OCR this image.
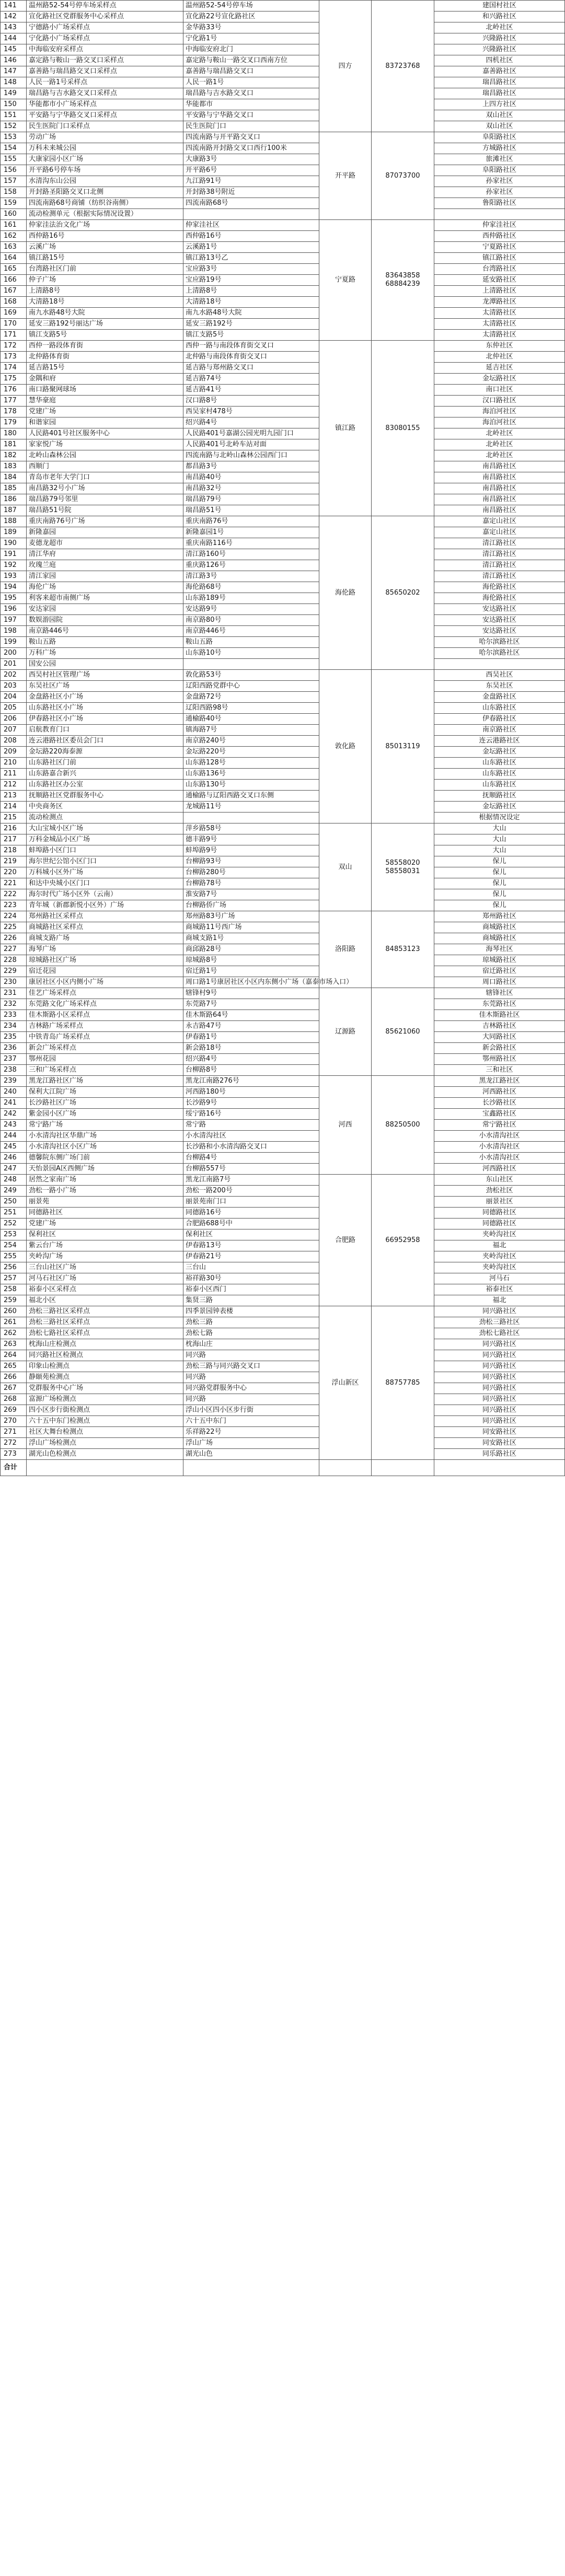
141	温州路52-54号停车场采样点	温州路52-54号停车场	四方	83723768	建国村社区
142	宣化路社区党群服务中心采样点	宣化路22号宣化路社区			和兴路社区
143	宁德路小广场采样点	金华路33号			北岭社区
144	宁化路小广场采样点	宁化路1号			兴隆路社区
145	中海临安府采样点	中海临安府北门			兴隆路社区
146	嘉定路与鞍山一路交叉口采样点	嘉定路与鞍山一路交叉口西南方位			四机社区
147	嘉善路与瑞昌路交叉口采样点	嘉善路与瑞昌路交叉口			嘉善路社区
148	人民一路1号采样点	人民一路1号			瑞昌路社区
149	瑞昌路与吉水路交叉口采样点	瑞昌路与吉水路交叉口			瑞昌路社区
150	华能都市小广场采样点	华能都市			上四方社区
151	平安路与宁华路交叉口采样点	平安路与宁华路交叉口			双山社区
152	民生医院门口采样点	民生医院门口			双山社区
153	劳动广场	四流南路与开平路交叉口	开平路	87073700	阜阳路社区
154	万科未来城公园	四流南路开封路交叉口西行100米			方城路社区
155	大康家园小区广场	大康路3号			旅滩社区
156	开平路6号停车场	开平路6号			阜阳路社区
157	水清沟东山公园	九江路91号			孙家社区
158	开封路圣阳路交叉口北侧	开封路38号附近			孙家社区
159	四流南路68号商铺（纺织谷南侧）	四流南路68号			鲁阳路社区
160	流动检测单元（根据实际情况设置）				
161	仲家洼法治文化广场	仲家洼社区	宁夏路	83643858 68884239	仲家洼社区
162	西仲路16号	西仲路16号			西仲路社区
163	云溪广场	云溪路1号			宁夏路社区
164	镇江路15号	镇江路13号乙			镇江路社区
165	台湾路社区门前	宝应路3号			台湾路社区
166	仲子广场	宝应路19号			延安路社区
167	上清路8号	上清路8号			上清路社区
168	大清路18号	大清路18号			龙潭路社区
169	南九水路48号大院	南九水路48号大院			太清路社区
170	延安三路192号丽达广场	延安三路192号			太清路社区
171	镇江支路5号	镇江支路5号			太清路社区
172	西仲一路段体育街	西仲一路与南段体育街交叉口	镇江路	83080155	东仲社区
173	北仲路体育街	北仲路与南段体育街交叉口			北仲社区
174	延吉路15号	延吉路与郑州路交叉口			延吉社区
175	金隅和府	延吉路74号			金坛路社区
176	南口路聚网球场	延吉路41号			南口社区
177	慧华豪庭	汉口路8号			汉口路社区
178	党建广场	西吴家村478号			海泊河社区
179	和谐家园	绍兴路4号			海泊河社区
180	人民路401号社区服务中心	人民路401号嘉湖公园光明九园门口			北岭社区
181	家家悦广场	人民路401号北岭车站对面			北岭社区
182	北岭山森林公园	四流南路与北岭山森林公园西门口			北岭社区
183	西顺门	都昌路3号			南昌路社区
184	青岛市老年大学门口	南昌路40号			南昌路社区
185	南昌路32号小广场	南昌路32号			南昌路社区
186	瑞昌路79号邻里	瑞昌路79号			南昌路社区
187	瑞昌路51号院	瑞昌路51号			南昌路社区
188	重庆南路76号广场	重庆南路76号	海伦路	85650202	嘉定山社区
189	新隆嘉园	新隆嘉园1号			嘉定山社区
190	麦德龙超市	重庆南路116号			清江路社区
191	清江华府	清江路160号			清江路社区
192	玫瑰兰庭	重庆路126号			清江路社区
193	清江家园	清江路3号			清江路社区
194	海伦广场	海伦路68号			海伦路社区
195	利客来超市南侧广场	山东路189号			海伦路社区
196	安达家园	安达路9号			安达路社区
197	数娱游园院	南京路80号			安达路社区
198	南京路446号	南京路446号			安达路社区
199	鞍山五路	鞍山五路			哈尔滨路社区
200	万科广场	山东路10号			哈尔滨路社区
201	国安公园				
202	西吴村社区管理广场	敦化路53号	敦化路	85013119	西吴社区
203	东吴社区广场	辽阳西路党群中心			东吴社区
204	金盘路社区小广场	金盘路72号			金盘路社区
205	山东路社区小广场	辽阳西路98号			山东路社区
206	伊春路社区小广场	通榆路40号			伊春路社区
207	启航教育门口	镇海路7号			南京路社区
208	连云港路社区委员会门口	南京路240号			连云港路社区
209	金坛路220海泰源	金坛路220号			金坛路社区
210	山东路社区门前	山东路128号			山东路社区
211	山东路嘉合新兴	山东路136号			山东路社区
212	山东路社区办公室	山东路130号			山东路社区
213	抚顺路社区党群服务中心	通榆路与辽阳西路交叉口东侧			抚顺路社区
214	中央商务区	龙城路11号			金坛路社区
215	流动检测点				根据情况设定
216	大山宝城小区广场	萍乡路58号	双山	58558020 58558031	大山
217	万科金城品小区广场	德丰路9号			大山
218	蚌埠路小区门口	蚌埠路9号			大山
219	海尔世纪公馆小区门口	台柳路93号			保儿
220	万科城小区外广场	台柳路280号			保儿
221	和达中央城小区门口	台柳路78号			保儿
222	海尔时代广场小区外（云南）	淮安路7号			保儿
223	青年城（新郡新悦小区外）广场	台柳路侨广场			保儿
224	郑州路社区采样点	郑州路83号广场	洛阳路	84853123	郑州路社区
225	商城路社区采样点	商城路11号西广场			商城路社区
226	商城支路广场	商城支路1号			商城路社区
227	海琴广场	商邱路28号			海琴社区
228	琼城路社区广场	琼城路8号			琼城路社区
229	宿迁花园	宿迁路1号			宿迁路社区
230	康居社区小区内侧小广场	周口路1号康居社区小区内东侧小广场（嘉泰市场入口）			周口路社区
231	佳艺广场采样点	辖锋村9号	辽源路	85621060	辖锋社区
232	东莞路文化广场采样点	东莞路7号			东莞路社区
233	佳木斯路小区采样点	佳木斯路64号			佳木斯路社区
234	吉林路广场采样点	永吉路47号			吉林路社区
235	中铁青岛广场采样点	伊春路1号			大同路社区
236	新会广场采样点	新会路18号			新会路社区
237	鄂州花园	绍兴路4号			鄂州路社区
238	三和广场采样点	台柳路8号			三和社区
239	黑龙江路社区广场	黑龙江南路276号	河西	88250500	黑龙江路社区
240	保利大江院广场	河西路180号			河西路社区
241	长沙路社区广场	长沙路9号			长沙路社区
242	紫金园小区广场	绥宁路16号			宝鑫路社区
243	常宁路广场	常宁路			常宁路社区
244	小水清沟社区华鼎广场	小水清沟社区			小水清沟社区
245	小水清沟社区小区广场	长沙路和小水清沟路交叉口			小水清沟社区
246	德馨院东侧广场门前	台柳路4号			小水清沟社区
247	天怡景园A区西侧广场	台柳路557号			河西路社区
248	居然之家南广场	黑龙江南路7号	合肥路	66952958	东山社区
249	劲松一路小广场	劲松一路200号			劲松社区
250	丽景苑	丽景苑南门口			丽景社区
251	同德路社区	同德路16号			同德路社区
252	党建广场	合肥路688号中			同德路社区
253	保利社区	保利社区			夹岭沟社区
254	紫云台广场	伊春路13号			福北
255	夹岭沟广场	伊春路21号			夹岭沟社区
256	三台山社区广场	三台山			夹岭沟社区
257	河马石社区广场	裕祥路30号			河马石
258	裕泰小区采样点	裕泰小区西门			裕泰社区
259	福北小区	集贤三路			福北
260	劲松三路社区采样点	四季景园钟表楼	浮山新区	88757785	同兴路社区
261	劲松三路社区采样点	劲松三路			劲松三路社区
262	劲松七路社区采样点	劲松七路			劲松七路社区
263	枕海山庄检测点	枕海山庄			同兴路社区
264	同兴路社区检测点	同兴路			同兴路社区
265	印象山检测点	劲松三路与同兴路交叉口			同兴路社区
266	静颐苑检测点	同兴路			同兴路社区
267	党群服务中心广场	同兴路党群服务中心			同兴路社区
268	富源广场检测点	同兴路			同兴路社区
269	四小区步行街检测点	浮山小区四小区步行街			同兴路社区
270	六十五中东门检测点	六十五中东门			同兴路社区
271	社区大舞台检测点	乐祥路22号			同安路社区
272	浮山广场检测点	浮山广场			同安路社区
273	湖光山色检测点	湖光山色			同乐路社区
合计					
